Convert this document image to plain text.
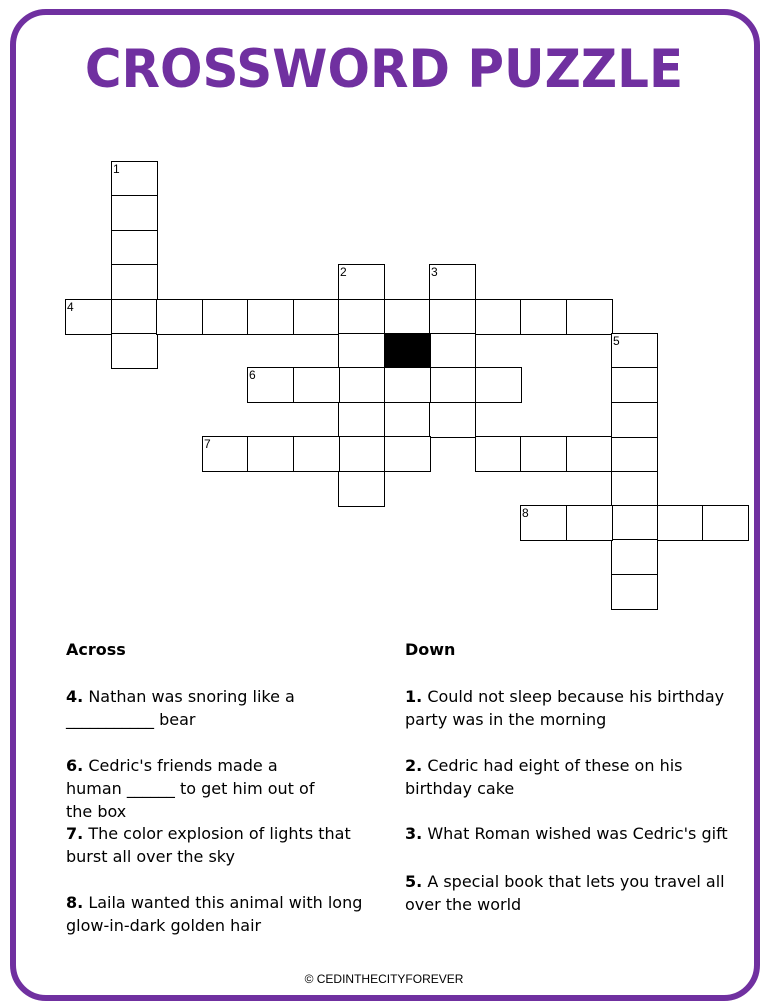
CROSSWORD PUZZLE
1
4
2	3
6
7
5
8
Across

4. Nathan was snoring like a ___________ bear

6. Cedric's friends made a human ______ to get him out of the box

7. The color explosion of lights that burst all over the sky

8. Laila wanted this animal with long glow-in-dark golden hair

Down

1. Could not sleep because his birthday party was in the morning

2. Cedric had eight of these on his birthday cake

3. What Roman wished was Cedric's gift

5. A special book that lets you travel all over the world

© CEDINTHECITYFOREVER
